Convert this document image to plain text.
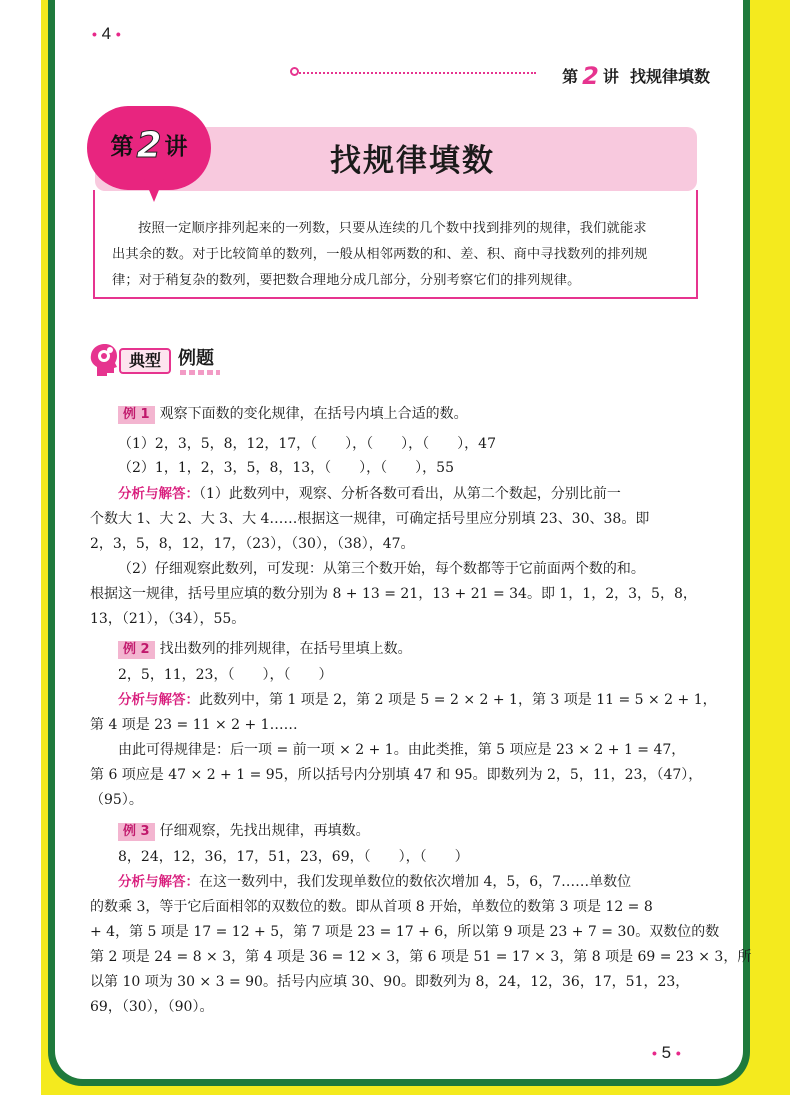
• 4 •
第 2 讲 找规律填数
找规律填数
第2 讲
按照一定顺序排列起来的一列数，只要从连续的几个数中找到排列的规律，我们就能求
出其余的数。对于比较简单的数列，一般从相邻两数的和、差、积、商中寻找数列的排列规
律；对于稍复杂的数列，要把数合理地分成几部分，分别考察它们的排列规律。
典型 例题
例 1 观察下面数的变化规律，在括号内填上合适的数。
（1）2，3，5，8，12，17，（　　），（　　），（　　），47
（2）1，1，2，3，5，8，13，（　　），（　　），55
分析与解答：（1）此数列中，观察、分析各数可看出，从第二个数起，分别比前一
个数大 1、大 2、大 3、大 4……根据这一规律，可确定括号里应分别填 23、30、38。即
2，3，5，8，12，17，（23），（30），（38），47。
（2）仔细观察此数列，可发现：从第三个数开始，每个数都等于它前面两个数的和。
根据这一规律，括号里应填的数分别为 8 + 13 = 21，13 + 21 = 34。即 1，1，2，3，5，8，
13，（21），（34），55。
例 2 找出数列的排列规律，在括号里填上数。
2，5，11，23，（　　），（　　）
分析与解答：此数列中，第 1 项是 2，第 2 项是 5 = 2 × 2 + 1，第 3 项是 11 = 5 × 2 + 1，
第 4 项是 23 = 11 × 2 + 1……
由此可得规律是：后一项 = 前一项 × 2 + 1。由此类推，第 5 项应是 23 × 2 + 1 = 47，
第 6 项应是 47 × 2 + 1 = 95，所以括号内分别填 47 和 95。即数列为 2，5，11，23，（47），
（95）。
例 3 仔细观察，先找出规律，再填数。
8，24，12，36，17，51，23，69，（　　），（　　）
分析与解答：在这一数列中，我们发现单数位的数依次增加 4，5，6，7……单数位
的数乘 3，等于它后面相邻的双数位的数。即从首项 8 开始，单数位的数第 3 项是 12 = 8
+ 4，第 5 项是 17 = 12 + 5，第 7 项是 23 = 17 + 6，所以第 9 项是 23 + 7 = 30。双数位的数
第 2 项是 24 = 8 × 3，第 4 项是 36 = 12 × 3，第 6 项是 51 = 17 × 3，第 8 项是 69 = 23 × 3，所
以第 10 项为 30 × 3 = 90。括号内应填 30、90。即数列为 8，24，12，36，17，51，23，
69，（30），（90）。
• 5 •
